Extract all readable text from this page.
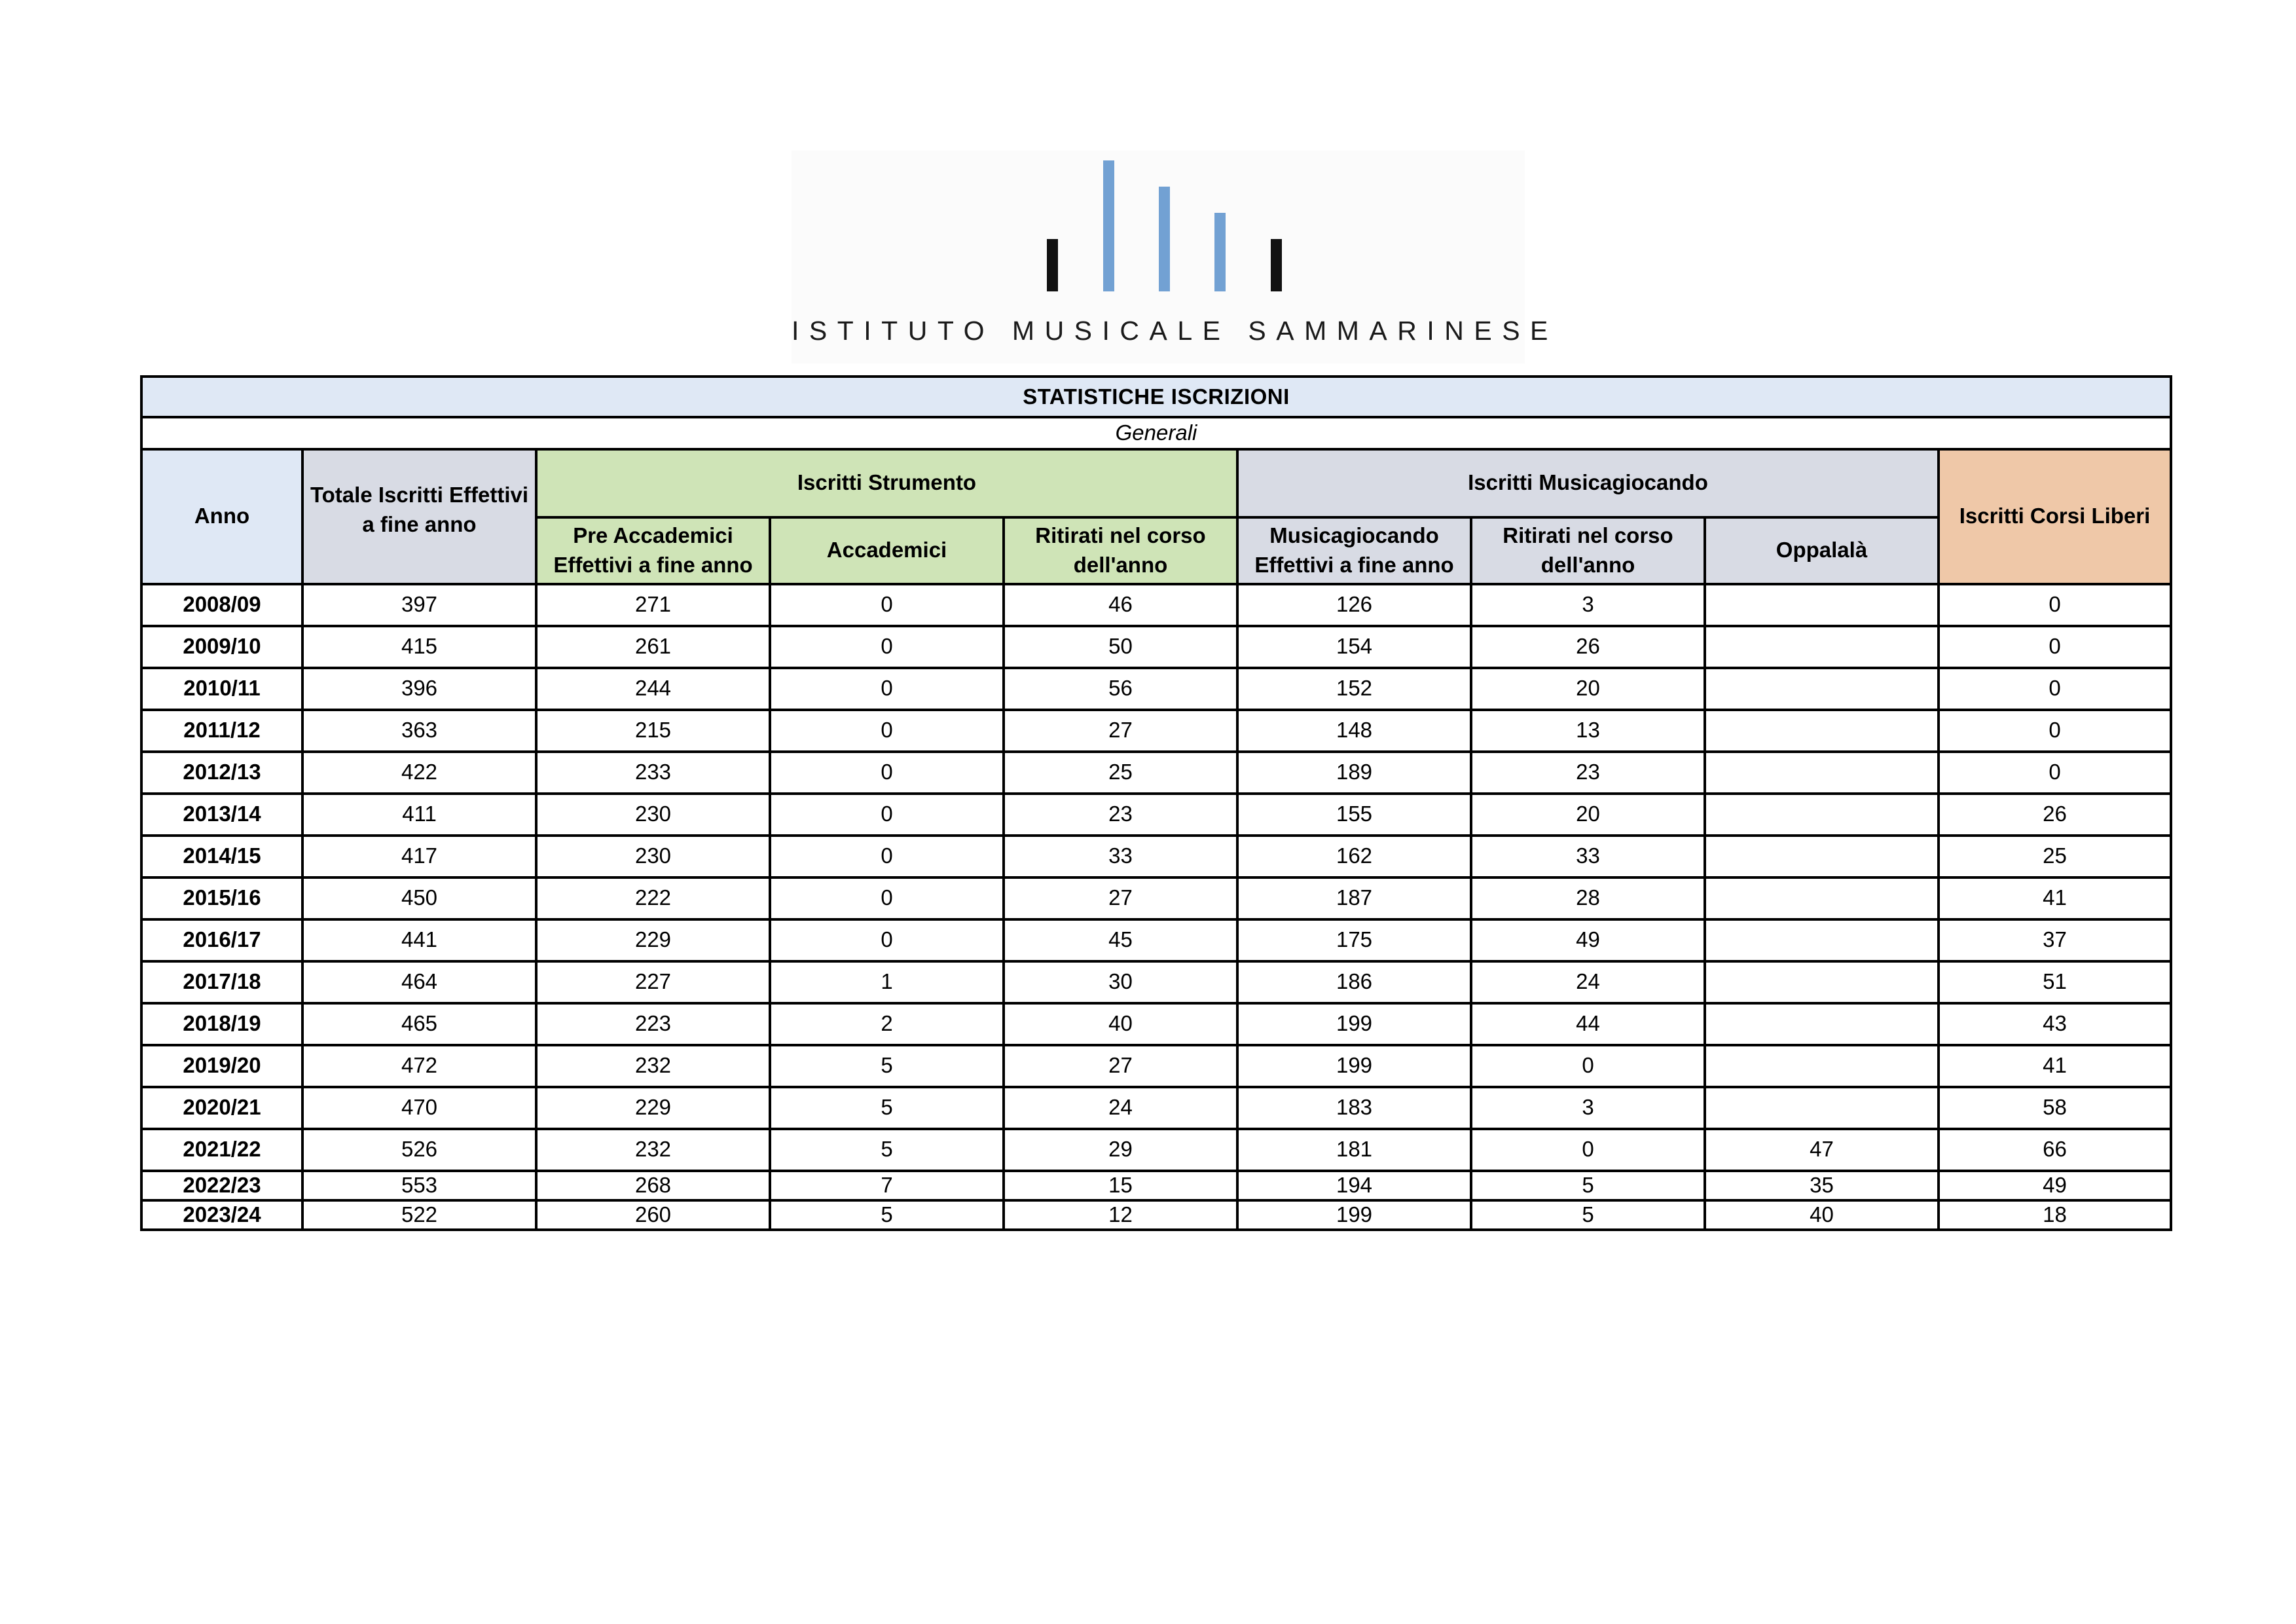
ISTITUTO MUSICALE SAMMARINESE
STATISTICHE ISCRIZIONI								
Generali								
Anno	Totale Iscritti Effettivi a fine anno	Iscritti Strumento			Iscritti Musicagiocando			Iscritti Corsi Liberi
		Pre Accademici Effettivi a fine anno	Accademici	Ritirati nel corso dell'anno	Musicagiocando Effettivi a fine anno	Ritirati nel corso dell'anno	Oppalalà	
2008/09	397	271	0	46	126	3		0
2009/10	415	261	0	50	154	26		0
2010/11	396	244	0	56	152	20		0
2011/12	363	215	0	27	148	13		0
2012/13	422	233	0	25	189	23		0
2013/14	411	230	0	23	155	20		26
2014/15	417	230	0	33	162	33		25
2015/16	450	222	0	27	187	28		41
2016/17	441	229	0	45	175	49		37
2017/18	464	227	1	30	186	24		51
2018/19	465	223	2	40	199	44		43
2019/20	472	232	5	27	199	0		41
2020/21	470	229	5	24	183	3		58
2021/22	526	232	5	29	181	0	47	66
2022/23	553	268	7	15	194	5	35	49
2023/24	522	260	5	12	199	5	40	18
